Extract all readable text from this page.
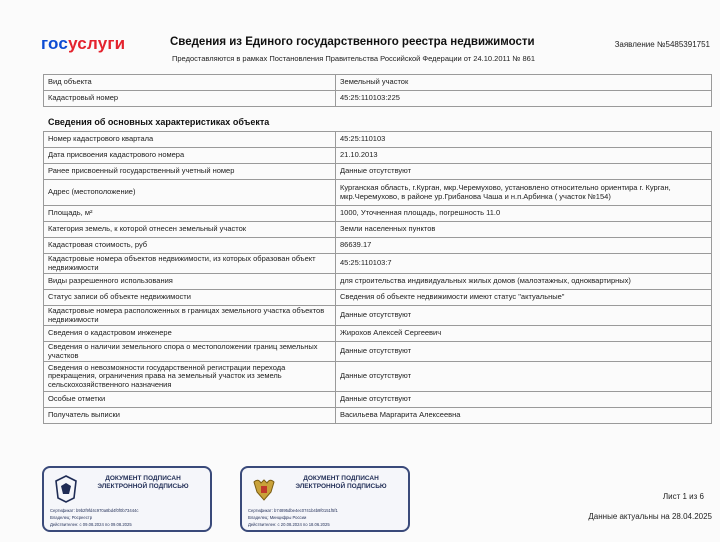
госуслуги	Сведения из Единого государственного реестра недвижимости
Предоставляются в рамках Постановления Правительства Российской Федерации от 24.10.2011 № 861
Заявление №5485391751
Вид объекта	Земельный участок
Кадастровый номер	45:25:110103:225
Сведения об основных характеристиках объекта
Номер кадастрового квартала	45:25:110103
Дата присвоения кадастрового номера	21.10.2013
Ранее присвоенный государственный учетный номер	Данные отсутствуют
Адрес (местоположение)	Курганская область, г.Курган, мкр.Черемухово, установлено относительно ориентира г. Курган, мкр.Черемухово, в районе ур.Грибанова Чаша и н.п.Арбинка ( участок №154)
Площадь, м²	1000, Уточненная площадь, погрешность 11.0
Категория земель, к которой отнесен земельный участок	Земли населенных пунктов
Кадастровая стоимость, руб	86639.17
Кадастровые номера объектов недвижимости, из которых образован объект недвижимости	45:25:110103:7
Виды разрешенного использования	для строительства индивидуальных жилых домов (малоэтажных, одноквартирных)
Статус записи об объекте недвижимости	Сведения об объекте недвижимости имеют статус "актуальные"
Кадастровые номера расположенных в границах земельного участка объектов недвижимости	Данные отсутствуют
Сведения о кадастровом инженере	Жирохов Алексей Сергеевич
Сведения о наличии земельного спора о местоположении границ земельных участков	Данные отсутствуют
Сведения о невозможности государственной регистрации перехода прекращения, ограничения права на земельный участок из земель сельскохозяйственного назначения	Данные отсутствуют
Особые отметки	Данные отсутствуют
Получатель выписки	Васильева Маргарита Алексеевна
ДОКУМЕНТ ПОДПИСАН ЭЛЕКТРОННОЙ ПОДПИСЬЮ
Сертификат: b9b2f9fd4c970a8bd4f0f0b73444c
Владелец: Росреестр
Действителен: с 09.08.2024 по 09.08.2025
ДОКУМЕНТ ПОДПИСАН ЭЛЕКТРОННОЙ ПОДПИСЬЮ
Сертификат: b74895dbe4ec0741b4b9f0151f5f1
Владелец: Минцифры России
Действителен: с 20.08.2024 по 18.06.2025
Лист 1 из 6
Данные актуальны на 28.04.2025
